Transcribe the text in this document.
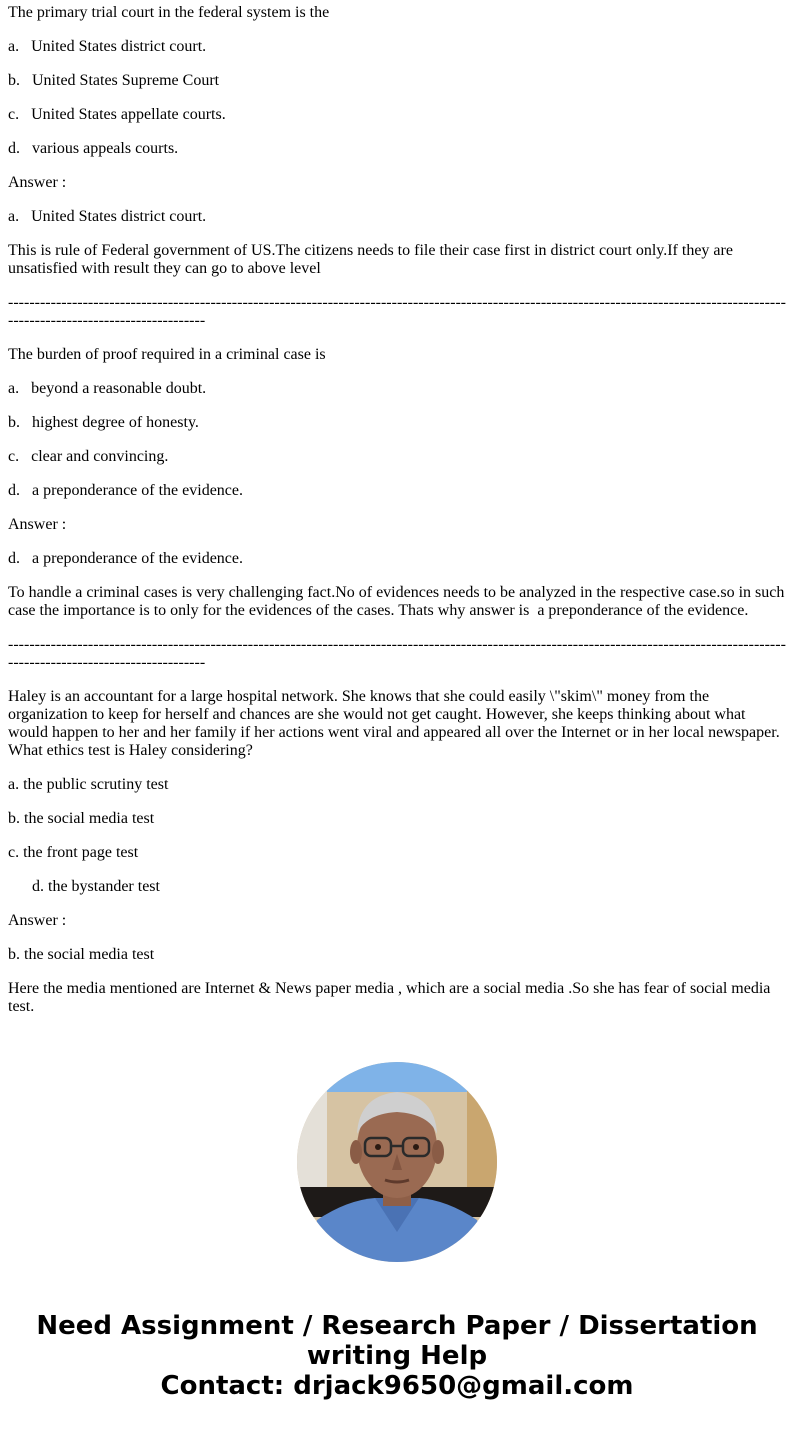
The primary trial court in the federal system is the

a.   United States district court.

b.   United States Supreme Court

c.   United States appellate courts.

d.   various appeals courts.

Answer :

a.   United States district court.

This is rule of Federal government of US.The citizens needs to file their case first in district court only.If they are unsatisfied with result they can go to above level

---------------------------------------------------------------------------------------------------------------------------------------------------------------------------------------

The burden of proof required in a criminal case is

a.   beyond a reasonable doubt.

b.   highest degree of honesty.

c.   clear and convincing.

d.   a preponderance of the evidence.

Answer :

d.   a preponderance of the evidence.

To handle a criminal cases is very challenging fact.No of evidences needs to be analyzed in the respective case.so in such case the importance is to only for the evidences of the cases. Thats why answer is  a preponderance of the evidence.

---------------------------------------------------------------------------------------------------------------------------------------------------------------------------------------

Haley is an accountant for a large hospital network. She knows that she could easily \"skim\" money from the organization to keep for herself and chances are she would not get caught. However, she keeps thinking about what would happen to her and her family if her actions went viral and appeared all over the Internet or in her local newspaper. What ethics test is Haley considering?

a. the public scrutiny test

b. the social media test

c. the front page test

d. the bystander test

Answer :

b. the social media test

Here the media mentioned are Internet & News paper media , which are a social media .So she has fear of social media test.

Need Assignment / Research Paper / Dissertation
writing Help
Contact: drjack9650@gmail.com
